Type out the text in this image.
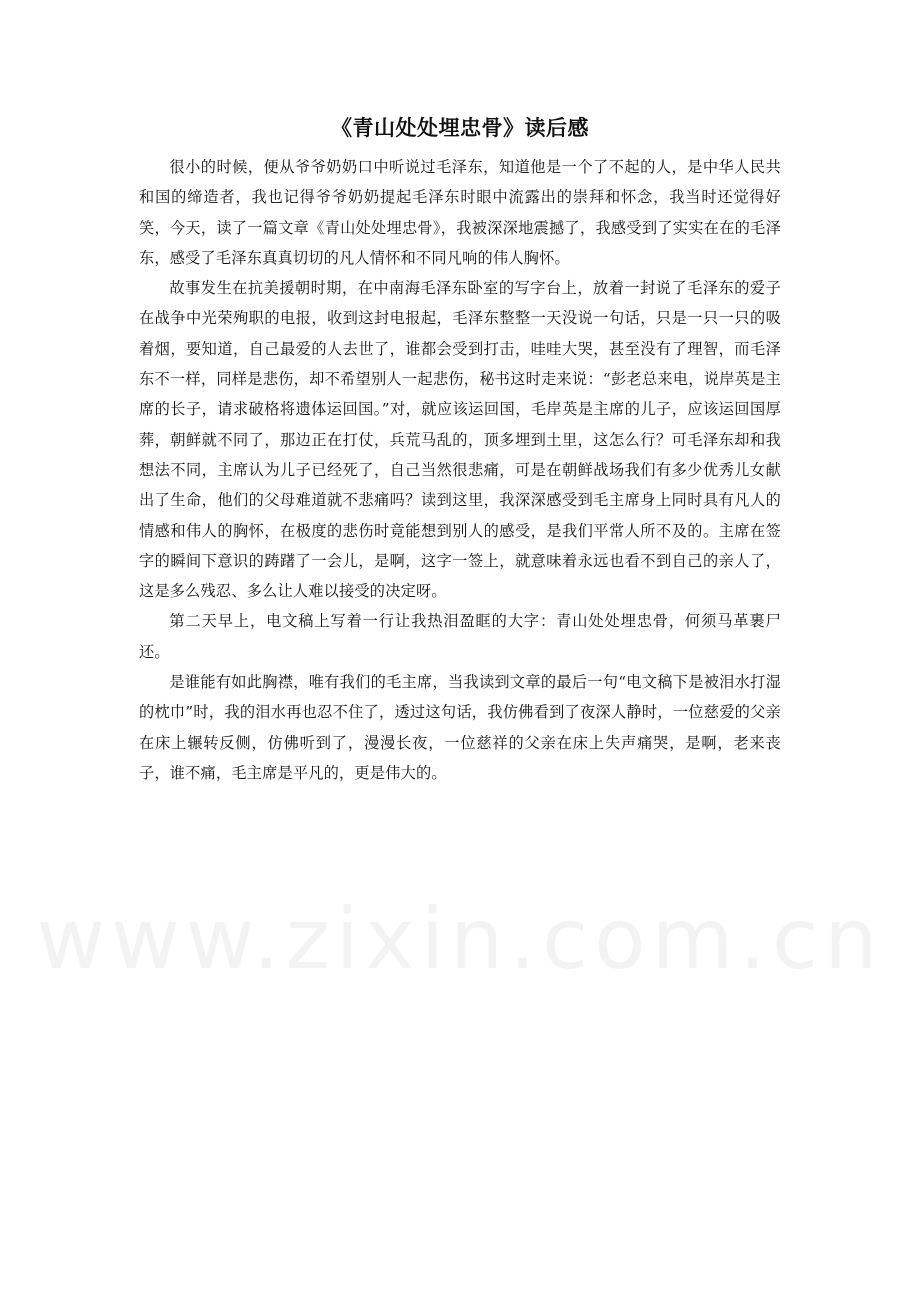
《青山处处埋忠骨》读后感

很小的时候，便从爷爷奶奶口中听说过毛泽东，知道他是一个了不起的人，是中华人民共和国的缔造者，我也记得爷爷奶奶提起毛泽东时眼中流露出的崇拜和怀念，我当时还觉得好笑，今天，读了一篇文章《青山处处埋忠骨》，我被深深地震撼了，我感受到了实实在在的毛泽东，感受了毛泽东真真切切的凡人情怀和不同凡响的伟人胸怀。

故事发生在抗美援朝时期，在中南海毛泽东卧室的写字台上，放着一封说了毛泽东的爱子在战争中光荣殉职的电报，收到这封电报起，毛泽东整整一天没说一句话，只是一只一只的吸着烟，要知道，自己最爱的人去世了，谁都会受到打击，哇哇大哭，甚至没有了理智，而毛泽东不一样，同样是悲伤，却不希望别人一起悲伤，秘书这时走来说：“彭老总来电，说岸英是主席的长子，请求破格将遗体运回国。”对，就应该运回国，毛岸英是主席的儿子，应该运回国厚葬，朝鲜就不同了，那边正在打仗，兵荒马乱的，顶多埋到土里，这怎么行？可毛泽东却和我想法不同，主席认为儿子已经死了，自己当然很悲痛，可是在朝鲜战场我们有多少优秀儿女献出了生命，他们的父母难道就不悲痛吗？读到这里，我深深感受到毛主席身上同时具有凡人的情感和伟人的胸怀，在极度的悲伤时竟能想到别人的感受，是我们平常人所不及的。主席在签字的瞬间下意识的踌躇了一会儿，是啊，这字一签上，就意味着永远也看不到自己的亲人了，这是多么残忍、多么让人难以接受的决定呀。

第二天早上，电文稿上写着一行让我热泪盈眶的大字：青山处处埋忠骨，何须马革裹尸还。

是谁能有如此胸襟，唯有我们的毛主席，当我读到文章的最后一句“电文稿下是被泪水打湿的枕巾”时，我的泪水再也忍不住了，透过这句话，我仿佛看到了夜深人静时，一位慈爱的父亲在床上辗转反侧，仿佛听到了，漫漫长夜，一位慈祥的父亲在床上失声痛哭，是啊，老来丧子，谁不痛，毛主席是平凡的，更是伟大的。

www.zixin.com.cn
